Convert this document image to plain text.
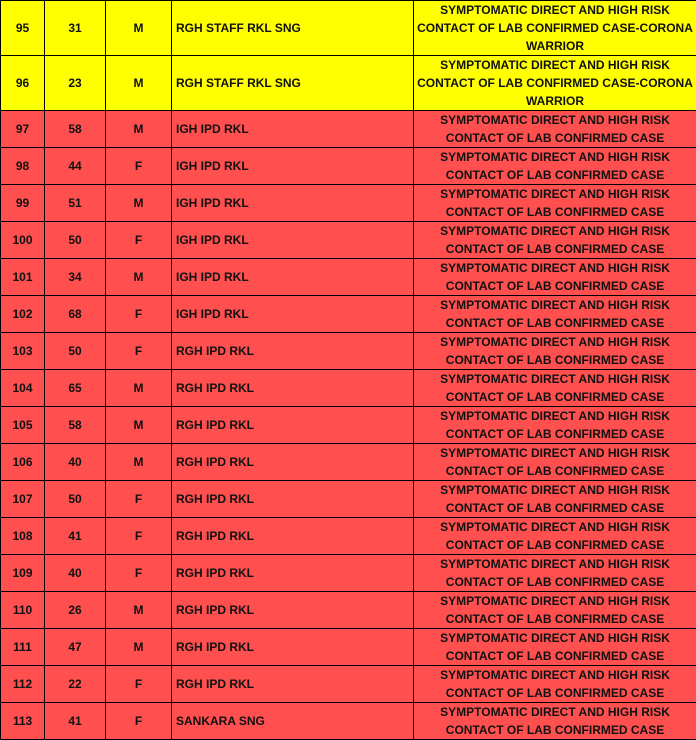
95	31	M	RGH STAFF RKL SNG	SYMPTOMATIC DIRECT AND HIGH RISK CONTACT OF LAB CONFIRMED CASE-CORONA WARRIOR
96	23	M	RGH STAFF RKL SNG	SYMPTOMATIC DIRECT AND HIGH RISK CONTACT OF LAB CONFIRMED CASE-CORONA WARRIOR
97	58	M	IGH IPD RKL	SYMPTOMATIC DIRECT AND HIGH RISK CONTACT OF LAB CONFIRMED CASE
98	44	F	IGH IPD RKL	SYMPTOMATIC DIRECT AND HIGH RISK CONTACT OF LAB CONFIRMED CASE
99	51	M	IGH IPD RKL	SYMPTOMATIC DIRECT AND HIGH RISK CONTACT OF LAB CONFIRMED CASE
100	50	F	IGH IPD RKL	SYMPTOMATIC DIRECT AND HIGH RISK CONTACT OF LAB CONFIRMED CASE
101	34	M	IGH IPD RKL	SYMPTOMATIC DIRECT AND HIGH RISK CONTACT OF LAB CONFIRMED CASE
102	68	F	IGH IPD RKL	SYMPTOMATIC DIRECT AND HIGH RISK CONTACT OF LAB CONFIRMED CASE
103	50	F	RGH IPD RKL	SYMPTOMATIC DIRECT AND HIGH RISK CONTACT OF LAB CONFIRMED CASE
104	65	M	RGH IPD RKL	SYMPTOMATIC DIRECT AND HIGH RISK CONTACT OF LAB CONFIRMED CASE
105	58	M	RGH IPD RKL	SYMPTOMATIC DIRECT AND HIGH RISK CONTACT OF LAB CONFIRMED CASE
106	40	M	RGH IPD RKL	SYMPTOMATIC DIRECT AND HIGH RISK CONTACT OF LAB CONFIRMED CASE
107	50	F	RGH IPD RKL	SYMPTOMATIC DIRECT AND HIGH RISK CONTACT OF LAB CONFIRMED CASE
108	41	F	RGH IPD RKL	SYMPTOMATIC DIRECT AND HIGH RISK CONTACT OF LAB CONFIRMED CASE
109	40	F	RGH IPD RKL	SYMPTOMATIC DIRECT AND HIGH RISK CONTACT OF LAB CONFIRMED CASE
110	26	M	RGH IPD RKL	SYMPTOMATIC DIRECT AND HIGH RISK CONTACT OF LAB CONFIRMED CASE
111	47	M	RGH IPD RKL	SYMPTOMATIC DIRECT AND HIGH RISK CONTACT OF LAB CONFIRMED CASE
112	22	F	RGH IPD RKL	SYMPTOMATIC DIRECT AND HIGH RISK CONTACT OF LAB CONFIRMED CASE
113	41	F	SANKARA SNG	SYMPTOMATIC DIRECT AND HIGH RISK CONTACT OF LAB CONFIRMED CASE
